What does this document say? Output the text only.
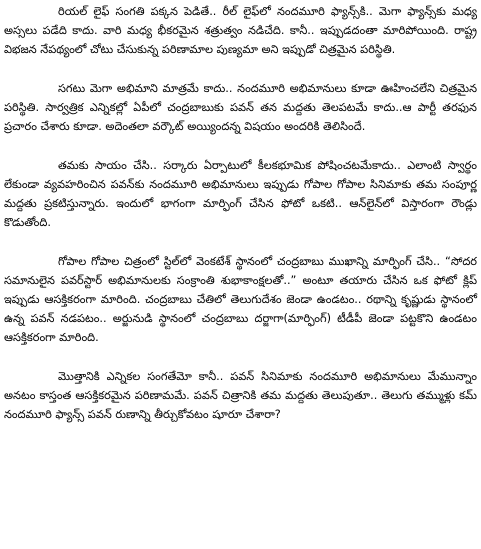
రియల్ లైఫ్ సంగతి పక్కన పెడితే.. రీల్ లైఫ్‌లో నందమూరి ఫ్యాన్స్‌కి.. మెగా ఫ్యాన్స్‌కు మధ్య అస్సలు పడేది కాదు. వారి మధ్య భీకరమైన శత్రుత్వం నడిచేది. కానీ.. ఇప్పుడదంతా మారిపోయింది. రాష్ట్ర విభజన నేపథ్యంలో చోటు చేసుకున్న పరిణామాల పుణ్యమా అని ఇప్పుడో చిత్రమైన పరిస్థితి.

సగటు మెగా అభిమాని మాత్రమే కాదు.. నందమూరి అభిమానులు కూడా ఊహించలేని చిత్రమైన పరిస్థితి. సార్వత్రిక ఎన్నికల్లో ఏపీలో చంద్రబాబుకు పవన్ తన మద్దతు తెలపటమే కాదు..ఆ పార్టీ తరఫున ప్రచారం చేశారు కూడా. అదెంతలా వర్కౌట్ అయ్యిందన్న విషయం అందరికి తెలిసిందే.

తమకు సాయం చేసి.. సర్కారు ఏర్పాటులో కీలకభూమిక పోషించటమేకాదు.. ఎలాంటి స్వార్థం లేకుండా వ్యవహరించిన పవన్‌కు నందమూరి అభిమానులు ఇప్పుడు గోపాల గోపాల సినిమాకు తమ సంపూర్ణ మద్దతు ప్రకటిస్తున్నారు. ఇందులో భాగంగా మార్ఫింగ్ చేసిన ఫోటో ఒకటి.. ఆన్‌లైన్‌లో విస్తారంగా రౌండ్లు కొడుతోంది.

గోపాల గోపాల చిత్రంలో స్టిల్‌లో వెంకటేశ్ స్థానంలో చంద్రబాబు ముఖాన్ని మార్ఫింగ్ చేసి.. “సోదర సమానులైన పవర్‌స్టార్ అభిమానులకు సంక్రాంతి శుభాకాంక్షలతో..” అంటూ తయారు చేసిన ఒక ఫోటో క్లిప్ ఇప్పుడు ఆసక్తికరంగా మారింది. చంద్రబాబు చేతిలో తెలుగుదేశం జెండా ఉండటం.. రథాన్ని కృష్ణుడు స్థానంలో ఉన్న పవన్ నడపటం.. అర్జునుడి స్థానంలో చంద్రబాబు దర్జాగా(మార్ఫింగ్) టీడీపీ జెండా పట్టకొని ఉండటం ఆసక్తికరంగా మారింది.

మొత్తానికి ఎన్నికల సంగతేమో కానీ.. పవన్ సినిమాకు నందమూరి అభిమానులు మేమున్నాం అనటం కాస్తంత ఆసక్తికరమైన పరిణామమే. పవన్ చిత్రానికి తమ మద్దతు తెలుపుతూ.. తెలుగు తమ్ముళ్లు కమ్ నందమూరి ఫ్యాన్స్ పవన్ రుణాన్ని తీర్చుకోవటం షూరూ చేశారా?
